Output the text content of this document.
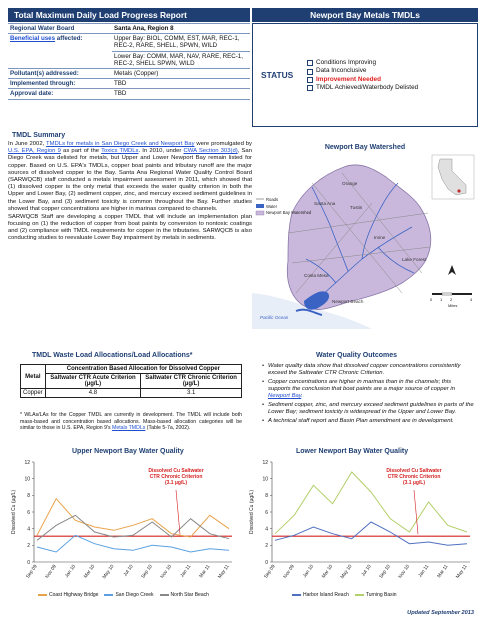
Total Maximum Daily Load Progress Report	Newport Bay Metals TMDLs
Regional Water Board	Santa Ana, Region 8
Beneficial uses affected:	Upper Bay: BIOL, COMM, EST, MAR, REC-1, REC-2, RARE, SHELL, SPWN, WILD
	Lower Bay: COMM, MAR, NAV, RARE, REC-1, REC-2, SHELL SPWN, WILD
Pollutant(s) addressed:	Metals (Copper)
Implemented through:	TBD
Approval date:	TBD
STATUS
Conditions Improving
Data Inconclusive
Improvement Needed
TMDL Achieved/Waterbody Delisted
TMDL Summary

In June 2002, TMDLs for metals in San Diego Creek and Newport Bay were promulgated by U.S. EPA, Region 9 as part of the Toxics TMDLs. In 2010, under CWA Section 303(d), San Diego Creek was delisted for metals, but Upper and Lower Newport Bay remain listed for copper. Based on U.S. EPA's TMDLs, copper boat paints and tributary runoff are the major sources of dissolved copper to the Bay. Santa Ana Regional Water Quality Control Board (SARWQCB) staff conducted a metals impairment assessment in 2011, which showed that (1) dissolved copper is the only metal that exceeds the water quality criterion in both the Upper and Lower Bay, (2) sediment copper, zinc, and mercury exceed sediment guidelines in the Lower Bay, and (3) sediment toxicity is common throughout the Bay. Further studies showed that copper concentrations are higher in marinas compared to channels.

SARWQCB Staff are developing a copper TMDL that will include an implementation plan focusing on (1) the reduction of copper from boat paints by conversion to nontoxic coatings and (2) compliance with TMDL requirements for copper in the tributaries. SARWQCB is also conducting studies to reevaluate Lower Bay impairment by metals in sediments.

Newport Bay Watershed
Tustin
Irvine
Santa Ana
Costa Mesa
Newport Beach
Lake Forest
Orange
Pacific Ocean
Roads
Water
Newport Bay Watershed
0 1 2	4
Miles
TMDL Waste Load Allocations/Load Allocations*
Metal	Concentration Based Allocation for Dissolved Copper	
	Saltwater CTR Acute Criterion (µg/L)	Saltwater CTR Chronic Criterion (µg/L)
Copper	4.8	3.1
* WLAs/LAs for the Copper TMDL are currently in development. The TMDL will include both mass-based and concentration based allocations. Mass-based allocation categories will be similar to those in U.S. EPA, Region 9's Metals TMDLs (Table 5-7a, 2002).
Water Quality Outcomes
• Water quality data show that dissolved copper concentrations consistently exceed the Saltwater CTR Chronic Criterion.
• Copper concentrations are higher in marinas than in the channels; this supports the conclusion that boat paints are a major source of copper in Newport Bay.
• Sediment copper, zinc, and mercury exceed sediment guidelines in parts of the Lower Bay; sediment toxicity is widespread in the Upper and Lower Bay.
• A technical staff report and Basin Plan amendment are in development.
Upper Newport Bay Water Quality	Lower Newport Bay Water Quality
Dissolved Cu (µg/L)
0
2
4
6
8
10
12
Sep 09 Nov 09 Jan 10 Mar 10 May 10 Jul 10 Sep 10 Nov 10 Jan 11 Mar 11 May 11
Dissolved Cu Saltwater
CTR Chronic Criterion
(3.1 µg/L)
Dissolved Cu (µg/L)
0
2
4
6
8
10
12
Sep 09 Nov 09 Jan 10 Mar 10 May 10 Jul 10 Sep 10 Nov 10 Jan 11 Mar 11 May 11
Dissolved Cu Saltwater
CTR Chronic Criterion
(3.1 µg/L)
Coast Highway Bridge	San Diego Creek	North Star Beach	Harbor Island Reach	Turning Basin
Updated September 2013
